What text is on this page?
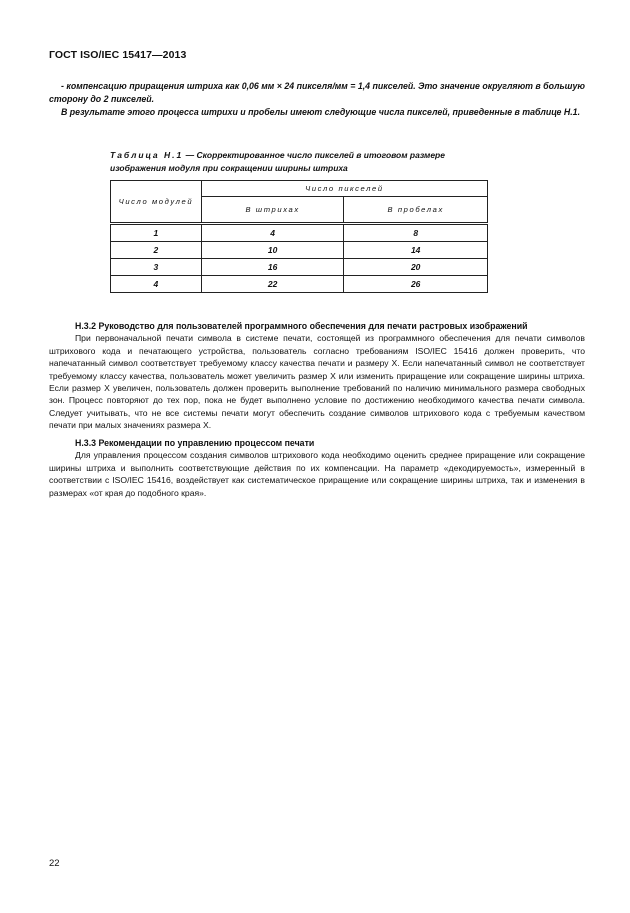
ГОСТ ISO/IEC 15417—2013

- компенсацию приращения штриха как 0,06 мм × 24 пикселя/мм = 1,4 пикселей. Это значение округляют в большую сторону до 2 пикселей.

В результате этого процесса штрихи и пробелы имеют следующие числа пикселей, приведенные в таблице Н.1.

Таблица Н.1 — Скорректированное число пикселей в итоговом размере изображения модуля при сокращении ширины штриха
Число модулей	Число пикселей	
	В штрихах	В пробелах
1	4	8
2	10	14
3	16	20
4	22	26
Н.3.2 Руководство для пользователей программного обеспечения для печати растровых изображений

При первоначальной печати символа в системе печати, состоящей из программного обеспечения для печати символов штрихового кода и печатающего устройства, пользователь согласно требованиям ISO/IEC 15416 должен проверить, что напечатанный символ соответствует требуемому классу качества печати и размеру X. Если напечатанный символ не соответствует требуемому классу качества, пользователь может увеличить размер X или изменить приращение или сокращение ширины штриха. Если размер X увеличен, пользователь должен проверить выполнение требований по наличию минимального размера свободных зон. Процесс повторяют до тех пор, пока не будет выполнено условие по достижению необходимого качества печати символа. Следует учитывать, что не все системы печати могут обеспечить создание символов штрихового кода с требуемым качеством печати при малых значениях размера X.

Н.3.3 Рекомендации по управлению процессом печати

Для управления процессом создания символов штрихового кода необходимо оценить среднее приращение или сокращение ширины штриха и выполнить соответствующие действия по их компенсации. На параметр «декодируемость», измеренный в соответствии с ISO/IEC 15416, воздействует как систематическое приращение или сокращение ширины штриха, так и изменения в размерах «от края до подобного края».

22
